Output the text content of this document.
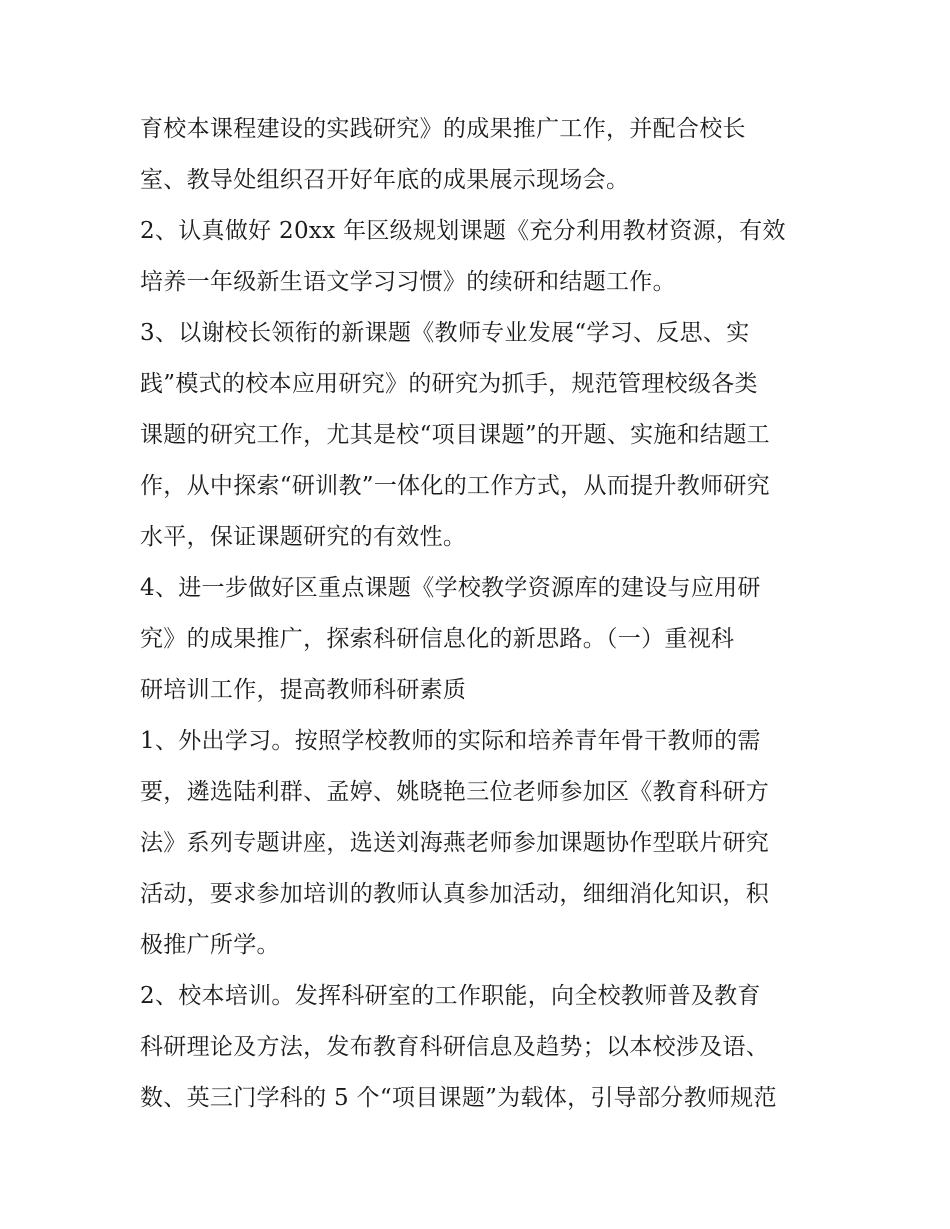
育校本课程建设的实践研究》的成果推广工作，并配合校长
室、教导处组织召开好年底的成果展示现场会。
2、认真做好 20xx 年区级规划课题《充分利用教材资源，有效
培养一年级新生语文学习习惯》的续研和结题工作。
3、以谢校长领衔的新课题《教师专业发展“学习、反思、实
践”模式的校本应用研究》的研究为抓手，规范管理校级各类
课题的研究工作，尤其是校“项目课题”的开题、实施和结题工
作，从中探索“研训教”一体化的工作方式，从而提升教师研究
水平，保证课题研究的有效性。
4、进一步做好区重点课题《学校教学资源库的建设与应用研
究》的成果推广，探索科研信息化的新思路。（一）重视科
研培训工作，提高教师科研素质
1、外出学习。按照学校教师的实际和培养青年骨干教师的需
要，遴选陆利群、孟婷、姚晓艳三位老师参加区《教育科研方
法》系列专题讲座，选送刘海燕老师参加课题协作型联片研究
活动，要求参加培训的教师认真参加活动，细细消化知识，积
极推广所学。
2、校本培训。发挥科研室的工作职能，向全校教师普及教育
科研理论及方法，发布教育科研信息及趋势；以本校涉及语、
数、英三门学科的 5 个“项目课题”为载体，引导部分教师规范
